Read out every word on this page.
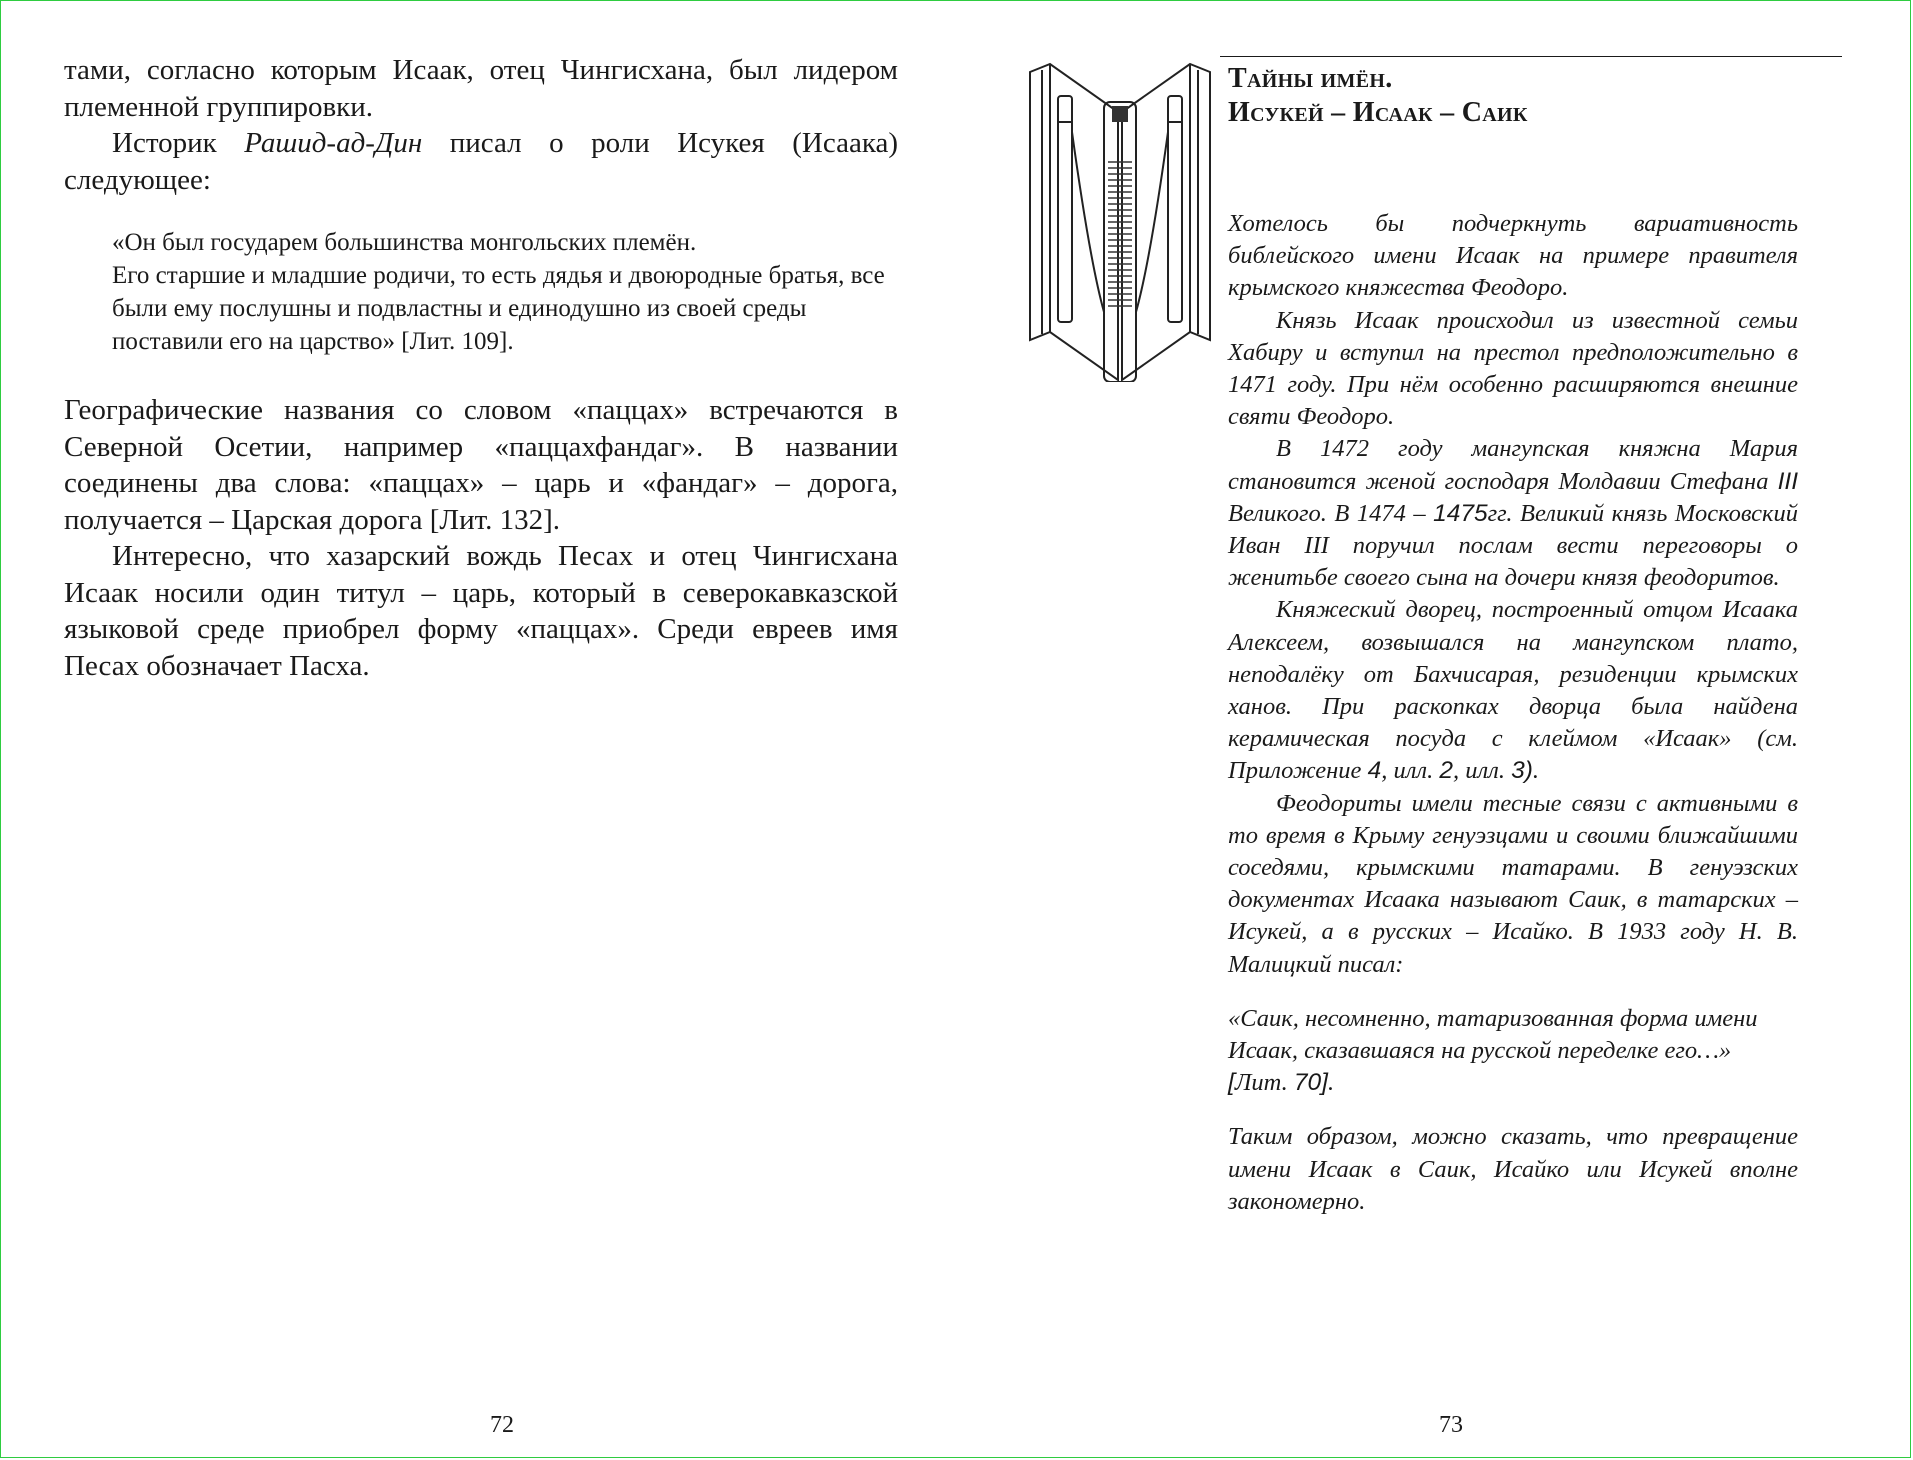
тами, согласно которым Исаак, отец Чингисхана, был лидером племенной группировки.

Историк Рашид-ад-Дин писал о роли Исукея (Исаака) следующее:

«Он был государем большинства монгольских племён.
Его старшие и младшие родичи, то есть дядья и двоюродные братья, все были ему послушны и подвластны и единодушно из своей среды поставили его на царство» [Лит. 109].

Географические названия со словом «паццах» встречаются в Северной Осетии, например «паццахфандаг». В названии соединены два слова: «паццах» – царь и «фандаг» – дорога, получается – Царская дорога [Лит. 132].

Интересно, что хазарский вождь Песах и отец Чингисхана Исаак носили один титул – царь, который в северокавказской языковой среде приобрел форму «паццах». Среди евреев имя Песах обозначает Пасха.

72
Тайны имён.
Исукей – Исаак – Саик

Хотелось бы подчеркнуть вариативность библейского имени Исаак на примере правителя крымского княжества Феодоро.

Князь Исаак происходил из известной семьи Хабиру и вступил на престол предположительно в 1471 году. При нём особенно расширяются внешние святи Феодоро.

В 1472 году мангупская княжна Мария становится женой господаря Молдавии Стефана III Великого. В 1474 – 1475гг. Великий князь Московский Иван III поручил послам вести переговоры о женитьбе своего сына на дочери князя феодоритов.

Княжеский дворец, построенный отцом Исаака Алексеем, возвышался на мангупском плато, неподалёку от Бахчисарая, резиденции крымских ханов. При раскопках дворца была найдена керамическая посуда с клеймом «Исаак» (см. Приложение 4, илл. 2, илл. 3).

Феодориты имели тесные связи с активными в то время в Крыму генуэзцами и своими ближайшими соседями, крымскими татарами. В генуэзских документах Исаака называют Саик, в татарских – Исукей, а в русских – Исайко. В 1933 году Н. В. Малицкий писал:

«Саик, несомненно, татаризованная форма имени Исаак, сказавшаяся на русской переделке его…»
[Лит. 70].

Таким образом, можно сказать, что превращение имени Исаак в Саик, Исайко или Исукей вполне закономерно.

73
